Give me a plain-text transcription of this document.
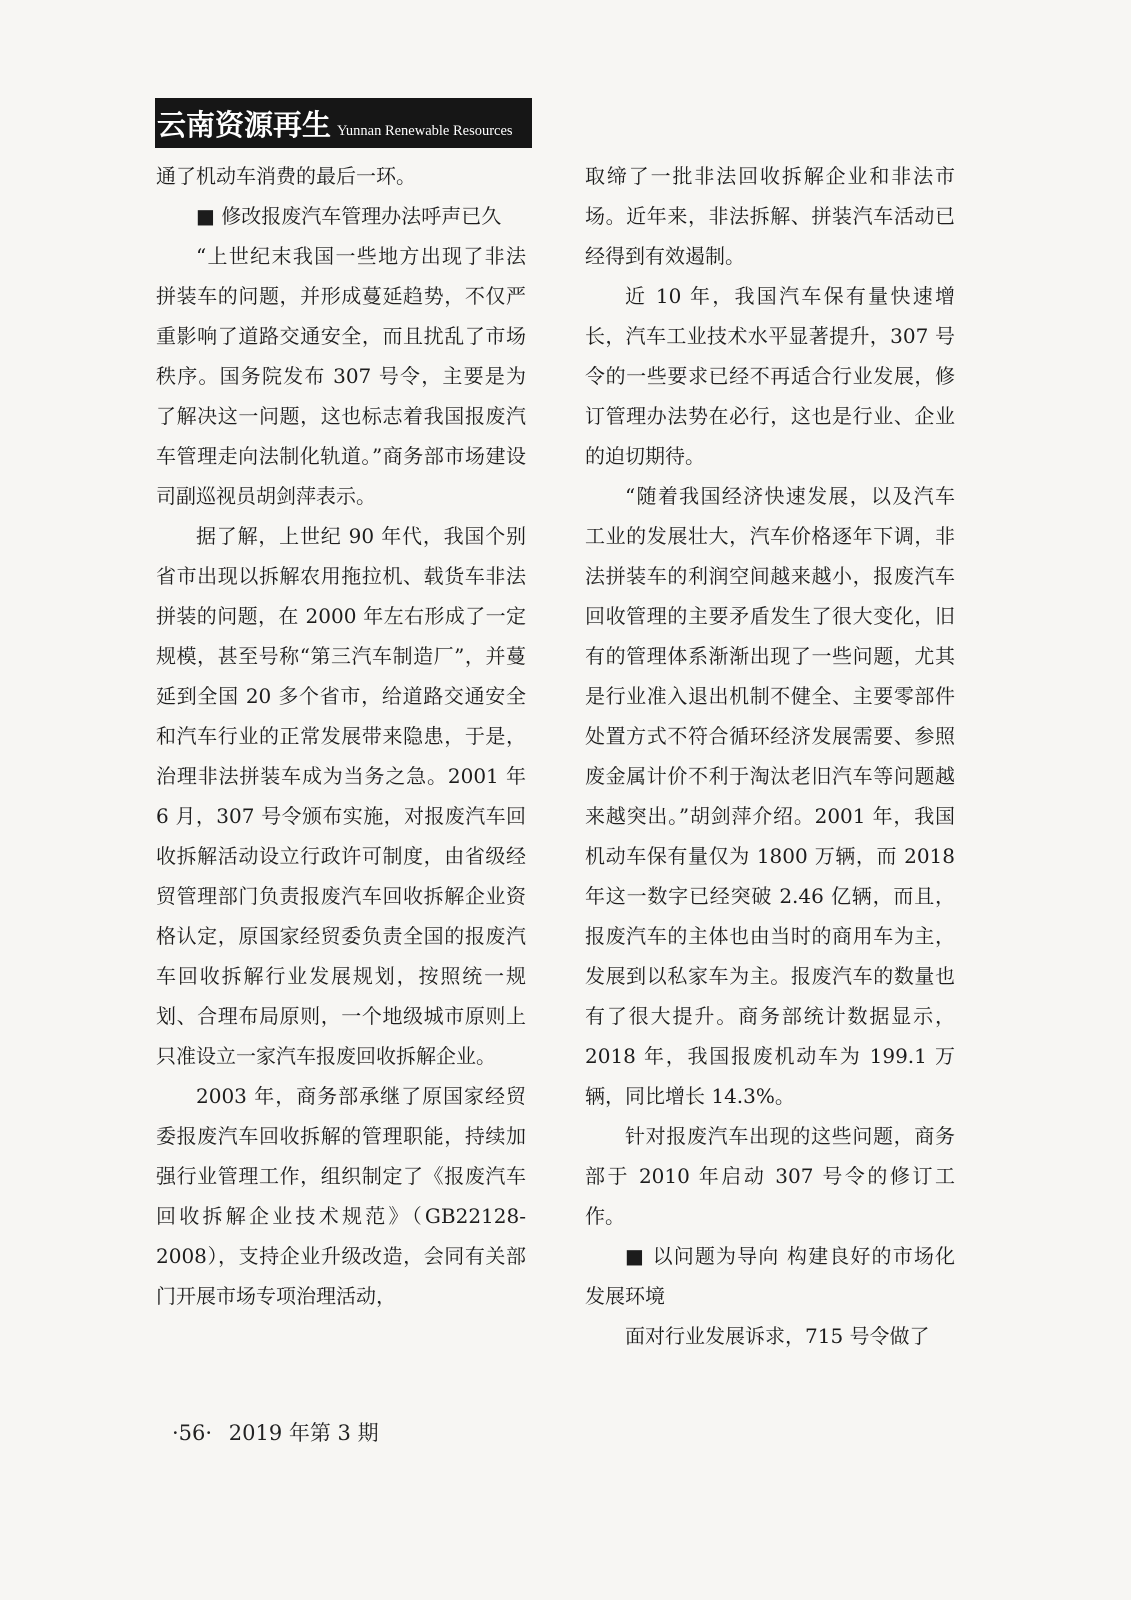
云南资源再生 Yunnan Renewable Resources

通了机动车消费的最后一环。

■ 修改报废汽车管理办法呼声已久

“上世纪末我国一些地方出现了非法拼装车的问题，并形成蔓延趋势，不仅严重影响了道路交通安全，而且扰乱了市场秩序。国务院发布 307 号令，主要是为了解决这一问题，这也标志着我国报废汽车管理走向法制化轨道。”商务部市场建设司副巡视员胡剑萍表示。

据了解，上世纪 90 年代，我国个别省市出现以拆解农用拖拉机、载货车非法拼装的问题，在 2000 年左右形成了一定规模，甚至号称“第三汽车制造厂”，并蔓延到全国 20 多个省市，给道路交通安全和汽车行业的正常发展带来隐患，于是，治理非法拼装车成为当务之急。2001 年 6 月，307 号令颁布实施，对报废汽车回收拆解活动设立行政许可制度，由省级经贸管理部门负责报废汽车回收拆解企业资格认定，原国家经贸委负责全国的报废汽车回收拆解行业发展规划，按照统一规划、合理布局原则，一个地级城市原则上只准设立一家汽车报废回收拆解企业。

2003 年，商务部承继了原国家经贸委报废汽车回收拆解的管理职能，持续加强行业管理工作，组织制定了《报废汽车回收拆解企业技术规范》（GB22128-2008），支持企业升级改造，会同有关部门开展市场专项治理活动，

取缔了一批非法回收拆解企业和非法市场。近年来，非法拆解、拼装汽车活动已经得到有效遏制。

近 10 年，我国汽车保有量快速增长，汽车工业技术水平显著提升，307 号令的一些要求已经不再适合行业发展，修订管理办法势在必行，这也是行业、企业的迫切期待。

“随着我国经济快速发展，以及汽车工业的发展壮大，汽车价格逐年下调，非法拼装车的利润空间越来越小，报废汽车回收管理的主要矛盾发生了很大变化，旧有的管理体系渐渐出现了一些问题，尤其是行业准入退出机制不健全、主要零部件处置方式不符合循环经济发展需要、参照废金属计价不利于淘汰老旧汽车等问题越来越突出。”胡剑萍介绍。2001 年，我国机动车保有量仅为 1800 万辆，而 2018 年这一数字已经突破 2.46 亿辆，而且，报废汽车的主体也由当时的商用车为主，发展到以私家车为主。报废汽车的数量也有了很大提升。商务部统计数据显示，2018 年，我国报废机动车为 199.1 万辆，同比增长 14.3%。

针对报废汽车出现的这些问题，商务部于 2010 年启动 307 号令的修订工作。

■ 以问题为导向 构建良好的市场化发展环境

面对行业发展诉求，715 号令做了

·56· 2019 年第 3 期
